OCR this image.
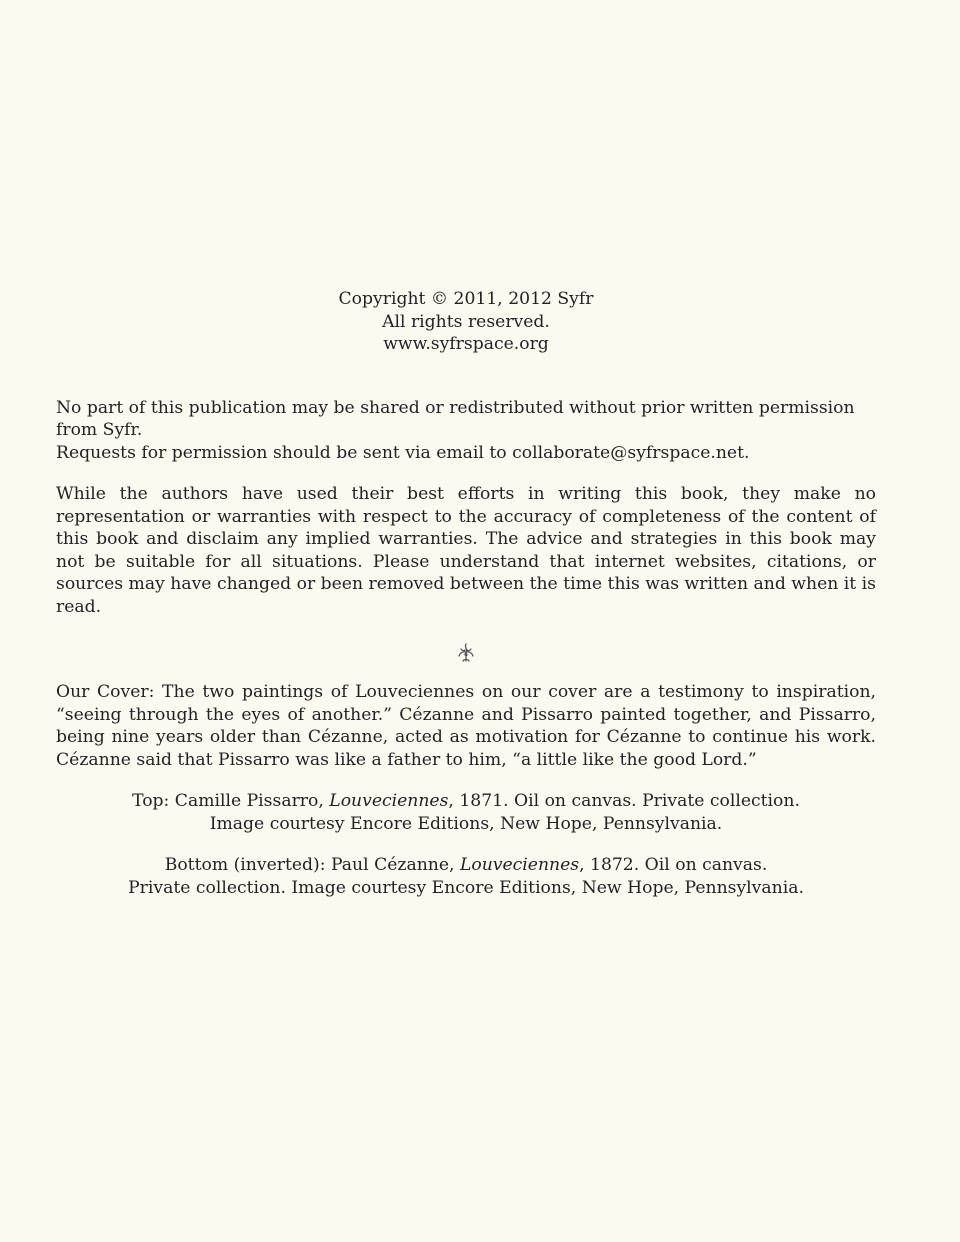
Copyright © 2011, 2012 Syfr

All rights reserved.

www.syfrspace.org

No part of this publication may be shared or redistributed without prior written permission from Syfr.

Requests for permission should be sent via email to collaborate@syfrspace.net.

While the authors have used their best efforts in writing this book, they make no representation or warranties with respect to the accuracy of completeness of the content of this book and disclaim any implied warranties. The advice and strategies in this book may not be suitable for all situations. Please understand that internet websites, citations, or sources may have changed or been removed between the time this was written and when it is read.

Our Cover: The two paintings of Louveciennes on our cover are a testimony to inspiration, “seeing through the eyes of another.” Cézanne and Pissarro painted together, and Pissarro, being nine years older than Cézanne, acted as motivation for Cézanne to continue his work. Cézanne said that Pissarro was like a father to him, “a little like the good Lord.”

Top: Camille Pissarro, Louveciennes, 1871. Oil on canvas. Private collection.

Image courtesy Encore Editions, New Hope, Pennsylvania.

Bottom (inverted): Paul Cézanne, Louveciennes, 1872. Oil on canvas.

Private collection. Image courtesy Encore Editions, New Hope, Pennsylvania.
